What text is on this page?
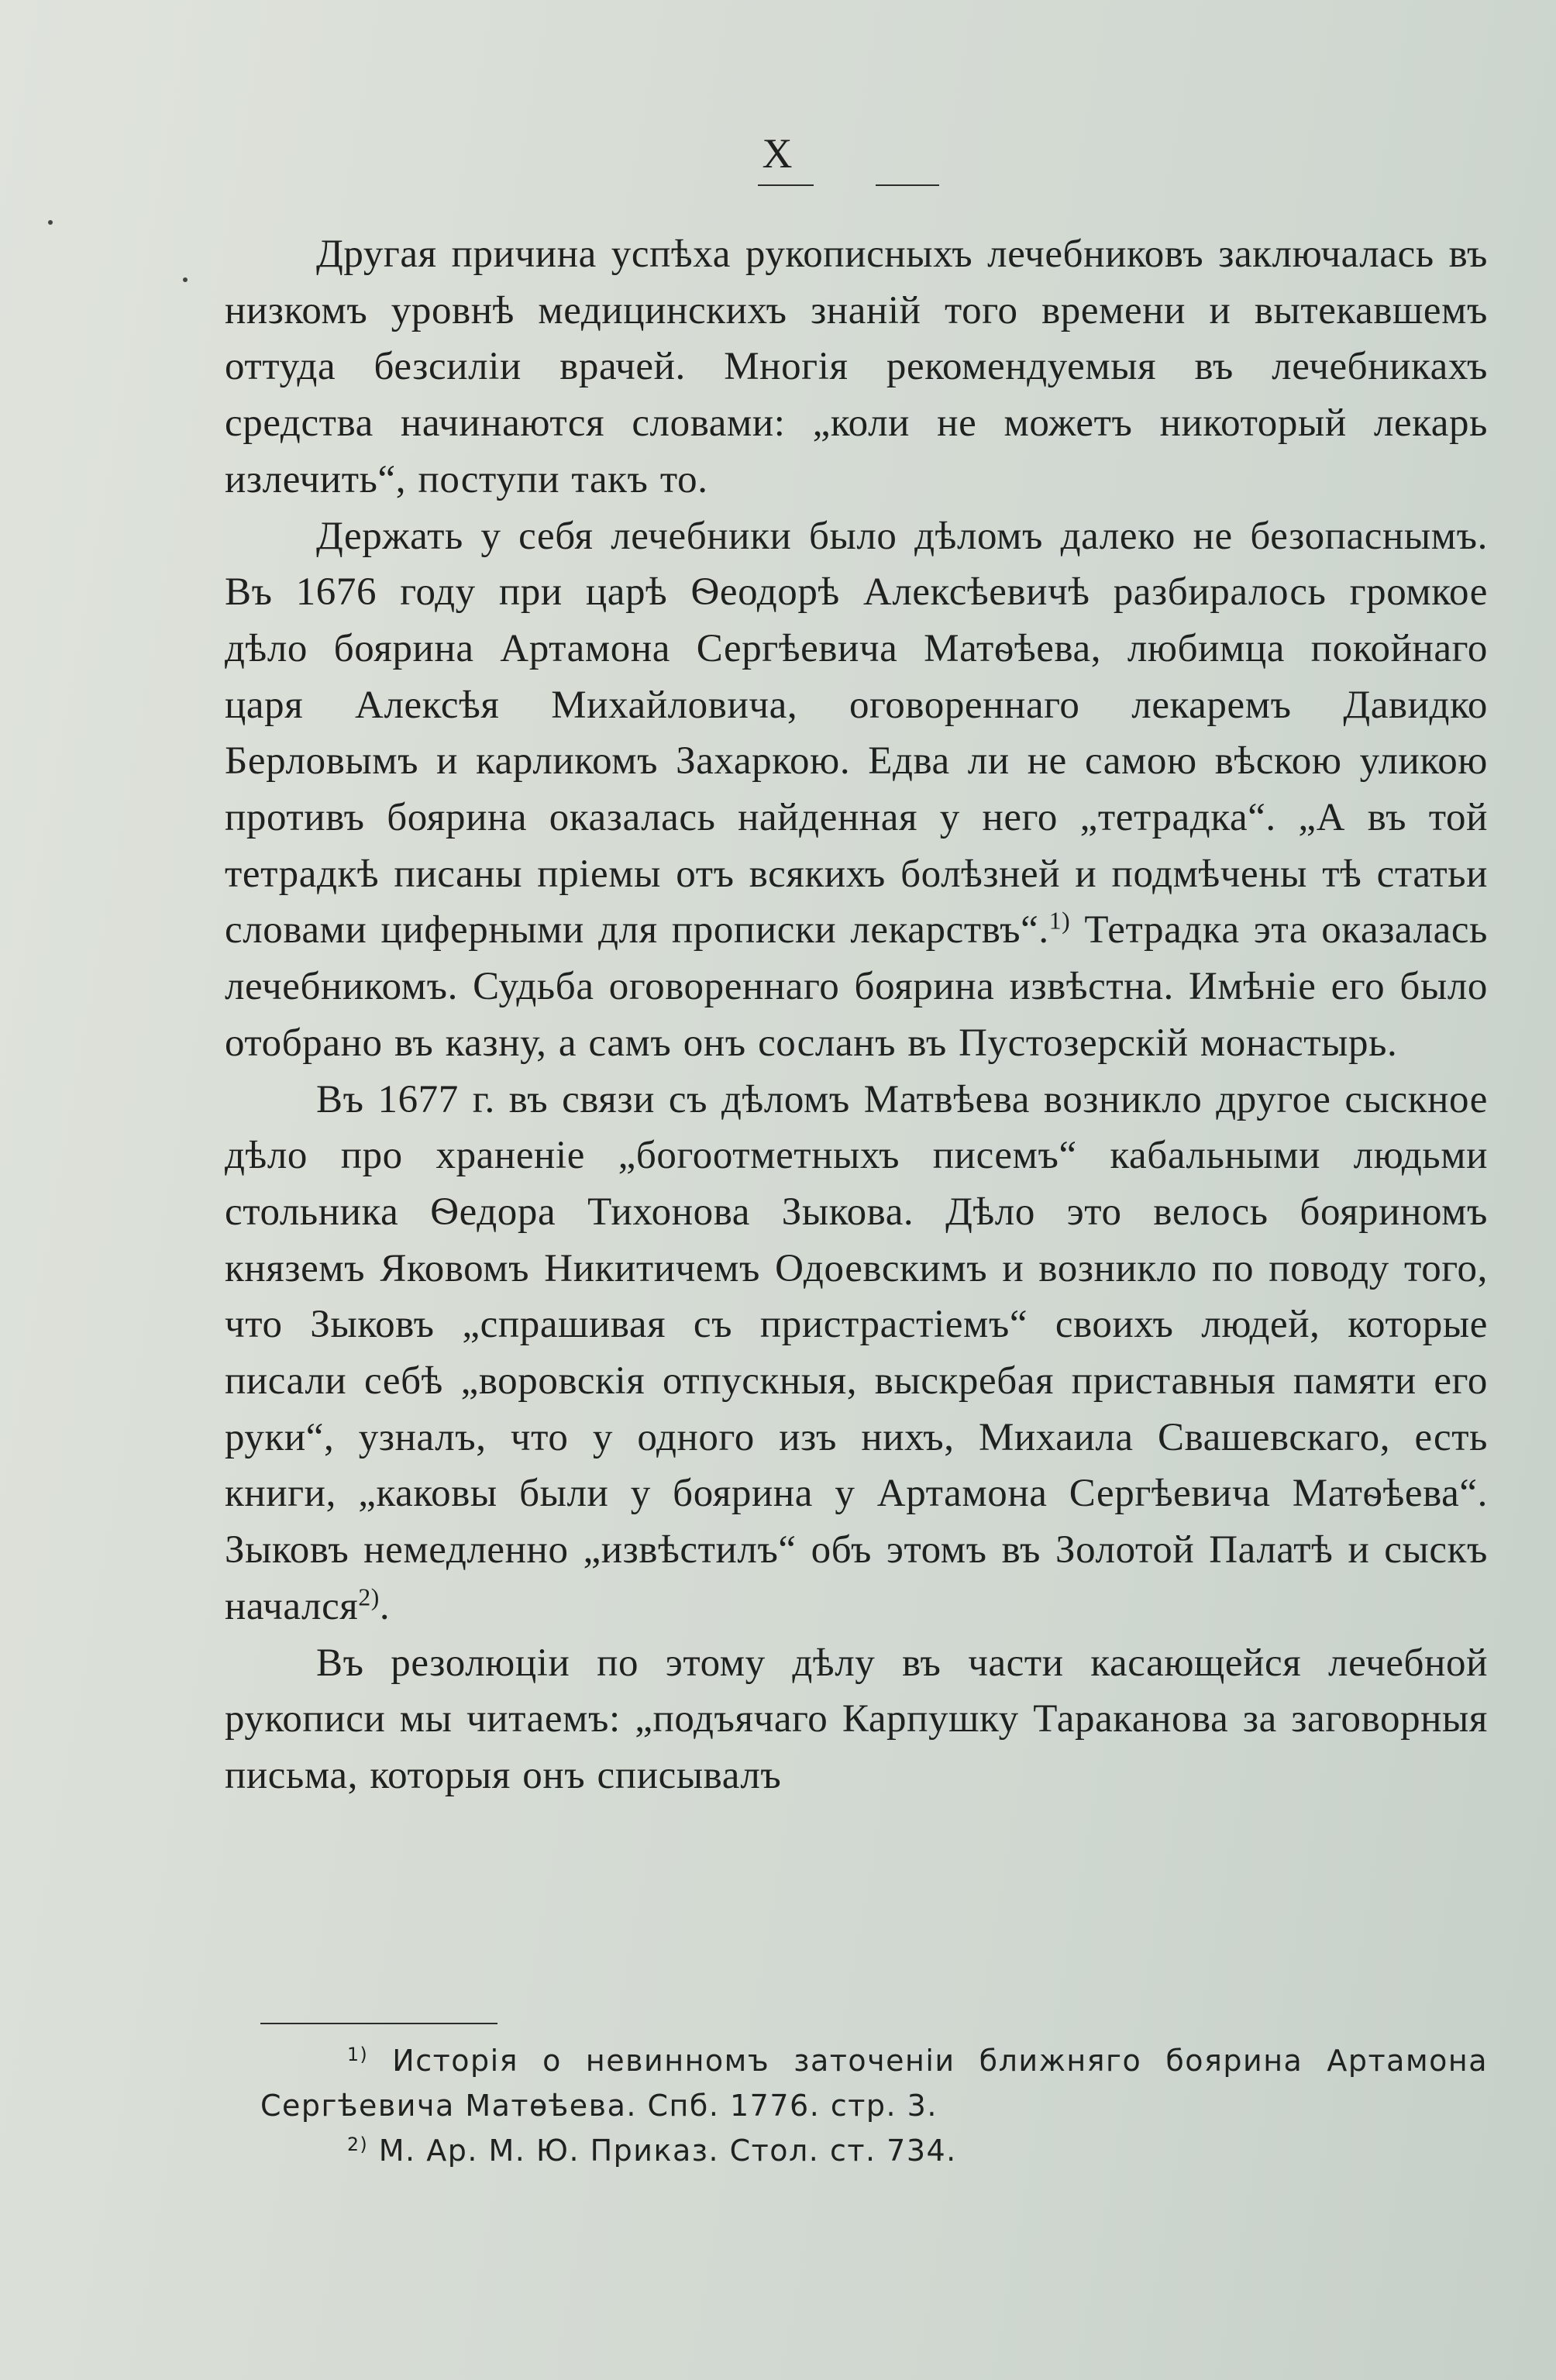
X

Другая причина успѣха рукописныхъ лечебниковъ заключалась въ низкомъ уровнѣ медицинскихъ знаній того времени и вытекавшемъ оттуда безсиліи врачей. Многія рекомендуемыя въ лечебникахъ средства начинаются словами: „коли не можетъ никоторый лекарь излечить“, поступи такъ то.

Держать у себя лечебники было дѣломъ далеко не безопаснымъ. Въ 1676 году при царѣ Ѳеодорѣ Алексѣевичѣ разбиралось громкое дѣло боярина Артамона Сергѣевича Матѳѣева, любимца покойнаго царя Алексѣя Михайловича, оговореннаго лекаремъ Давидко Берловымъ и карликомъ Захаркою. Едва ли не самою вѣскою уликою противъ боярина оказалась найденная у него „тетрадка“. „А въ той тетрадкѣ писаны пріемы отъ всякихъ болѣзней и подмѣчены тѣ статьи словами циферными для прописки лекарствъ“.$^{1)}$ Тетрадка эта оказалась лечебникомъ. Судьба оговореннаго боярина извѣстна. Имѣніе его было отобрано въ казну, а самъ онъ сосланъ въ Пустозерскій монастырь.

Въ 1677 г. въ связи съ дѣломъ Матвѣева возникло другое сыскное дѣло про храненіе „богоотметныхъ писемъ“ кабальными людьми стольника Ѳедора Тихонова Зыкова. Дѣло это велось бояриномъ княземъ Яковомъ Никитичемъ Одоевскимъ и возникло по поводу того, что Зыковъ „спрашивая съ пристрастіемъ“ своихъ людей, которые писали себѣ „воровскія отпускныя, выскребая приставныя памяти его руки“, узналъ, что у одного изъ нихъ, Михаила Свашевскаго, есть книги, „каковы были у боярина у Артамона Сергѣевича Матѳѣева“. Зыковъ немедленно „извѣстилъ“ объ этомъ въ Золотой Палатѣ и сыскъ начался$^{2)}$.

Въ резолюціи по этому дѣлу въ части касающейся лечебной рукописи мы читаемъ: „подъячаго Карпушку Тараканова за заговорныя письма, которыя онъ списывалъ

$^{1)}$ Исторія о невинномъ заточеніи ближняго боярина Артамона Сергѣевича Матѳѣева. Спб. 1776. стр. 3.

$^{2)}$ М. Ар. М. Ю. Приказ. Стол. ст. 734.
